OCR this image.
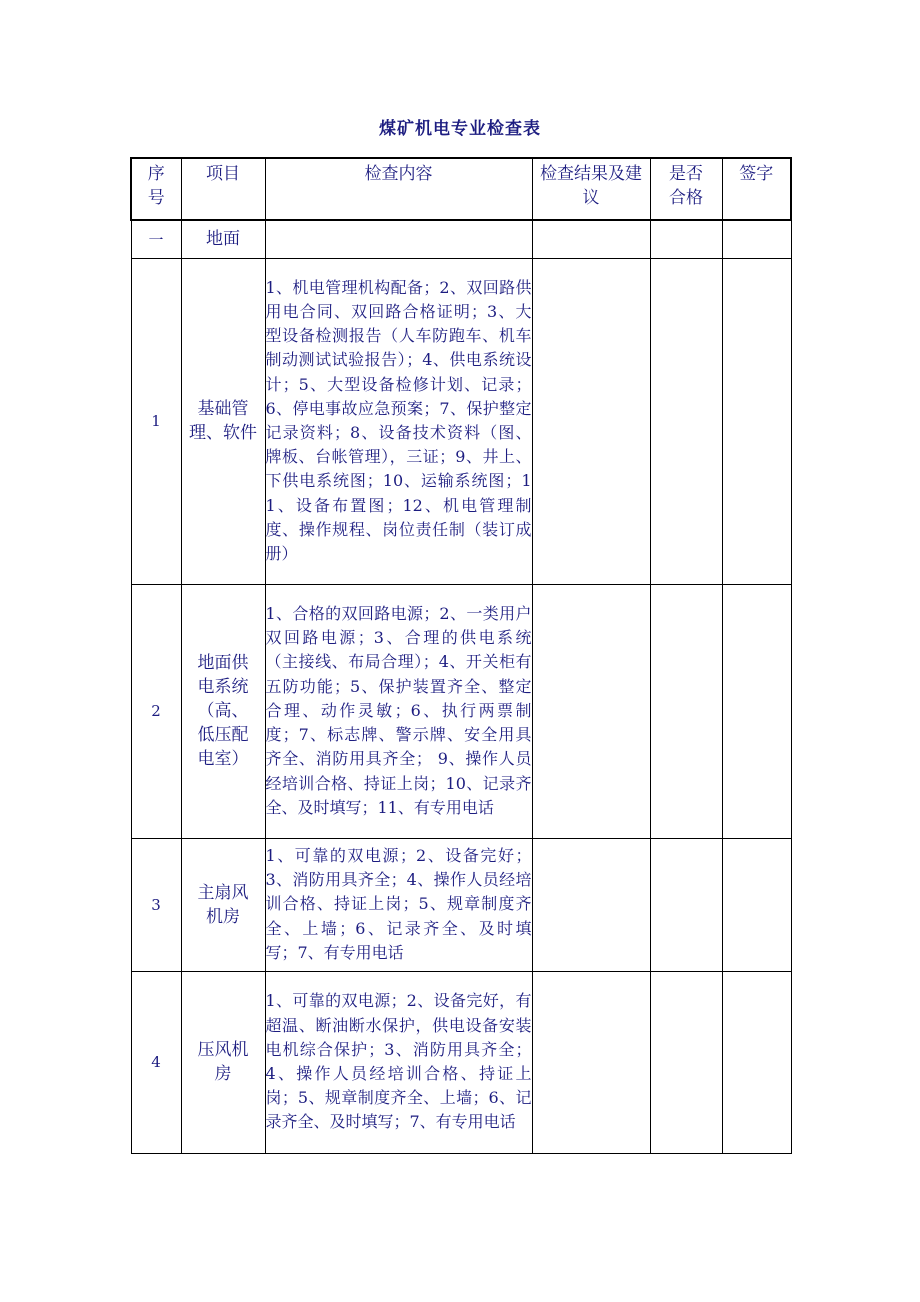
煤矿机电专业检查表
序号	项目	检查内容	检查结果及建议	是否合格	签字
一	地面				
1	基础管理、软件	1、机电管理机构配备；2、双回路供用电合同、双回路合格证明；3、大型设备检测报告（人车防跑车、机车制动测试试验报告）；4、供电系统设计；5、大型设备检修计划、记录；6、停电事故应急预案；7、保护整定记录资料；8、设备技术资料（图、牌板、台帐管理），三证；9、井上、下供电系统图；10、运输系统图；11、设备布置图；12、机电管理制度、操作规程、岗位责任制（装订成册）			
2	地面供电系统（高、低压配电室）	1、合格的双回路电源；2、一类用户双回路电源；3、合理的供电系统（主接线、布局合理）；4、开关柜有五防功能；5、保护装置齐全、整定合理、动作灵敏；6、执行两票制度；7、标志牌、警示牌、安全用具齐全、消防用具齐全； 9、操作人员经培训合格、持证上岗；10、记录齐全、及时填写；11、有专用电话			
3	主扇风机房	1、可靠的双电源；2、设备完好；3、消防用具齐全；4、操作人员经培训合格、持证上岗；5、规章制度齐全、上墙；6、记录齐全、及时填写；7、有专用电话			
4	压风机房	1、可靠的双电源；2、设备完好，有超温、断油断水保护，供电设备安装电机综合保护；3、消防用具齐全；4、操作人员经培训合格、持证上岗；5、规章制度齐全、上墙；6、记录齐全、及时填写；7、有专用电话			
